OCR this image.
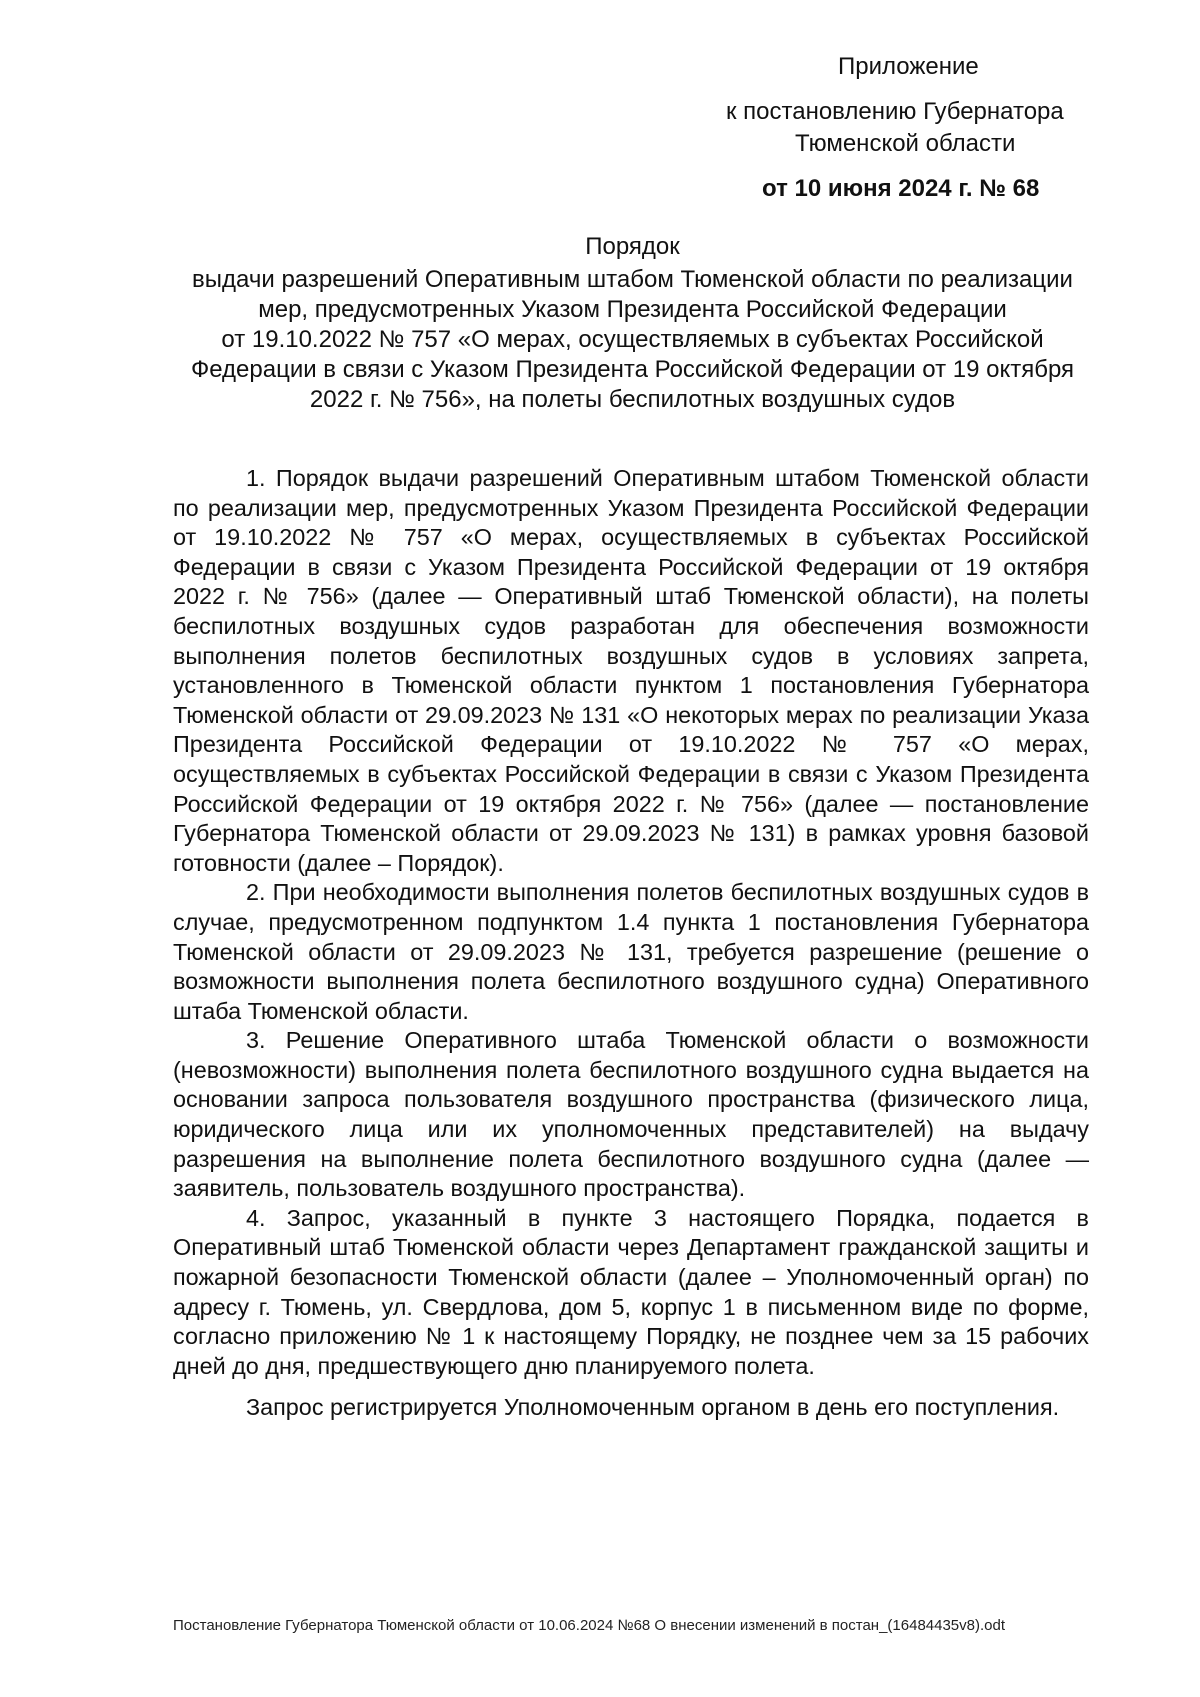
Приложение
к постановлению Губернатора
Тюменской области
от 10 июня 2024 г. № 68
Порядок
выдачи разрешений Оперативным штабом Тюменской области по реализации
мер, предусмотренных Указом Президента Российской Федерации
от 19.10.2022 № 757 «О мерах, осуществляемых в субъектах Российской
Федерации в связи с Указом Президента Российской Федерации от 19 октября
2022 г. № 756», на полеты беспилотных воздушных судов

1. Порядок выдачи разрешений Оперативным штабом Тюменской области по реализации мер, предусмотренных Указом Президента Российской Федерации от 19.10.2022 № 757 «О мерах, осуществляемых в субъектах Российской Федерации в связи с Указом Президента Российской Федерации от 19 октября 2022 г. № 756» (далее — Оперативный штаб Тюменской области), на полеты беспилотных воздушных судов разработан для обеспечения возможности выполнения полетов беспилотных воздушных судов в условиях запрета, установленного в Тюменской области пунктом 1 постановления Губернатора Тюменской области от 29.09.2023 № 131 «О некоторых мерах по реализации Указа Президента Российской Федерации от 19.10.2022 № 757 «О мерах, осуществляемых в субъектах Российской Федерации в связи с Указом Президента Российской Федерации от 19 октября 2022 г. № 756» (далее — постановление Губернатора Тюменской области от 29.09.2023 № 131) в рамках уровня базовой готовности (далее – Порядок).

2. При необходимости выполнения полетов беспилотных воздушных судов в случае, предусмотренном подпунктом 1.4 пункта 1 постановления Губернатора Тюменской области от 29.09.2023 № 131, требуется разрешение (решение о возможности выполнения полета беспилотного воздушного судна) Оперативного штаба Тюменской области.

3. Решение Оперативного штаба Тюменской области о возможности (невозможности) выполнения полета беспилотного воздушного судна выдается на основании запроса пользователя воздушного пространства (физического лица, юридического лица или их уполномоченных представителей) на выдачу разрешения на выполнение полета беспилотного воздушного судна (далее — заявитель, пользователь воздушного пространства).

4. Запрос, указанный в пункте 3 настоящего Порядка, подается в Оперативный штаб Тюменской области через Департамент гражданской защиты и пожарной безопасности Тюменской области (далее – Уполномоченный орган) по адресу г. Тюмень, ул. Свердлова, дом 5, корпус 1 в письменном виде по форме, согласно приложению № 1 к настоящему Порядку, не позднее чем за 15 рабочих дней до дня, предшествующего дню планируемого полета.

Запрос регистрируется Уполномоченным органом в день его поступления.

Постановление Губернатора Тюменской области от 10.06.2024 №68 О внесении изменений в постан_(16484435v8).odt
